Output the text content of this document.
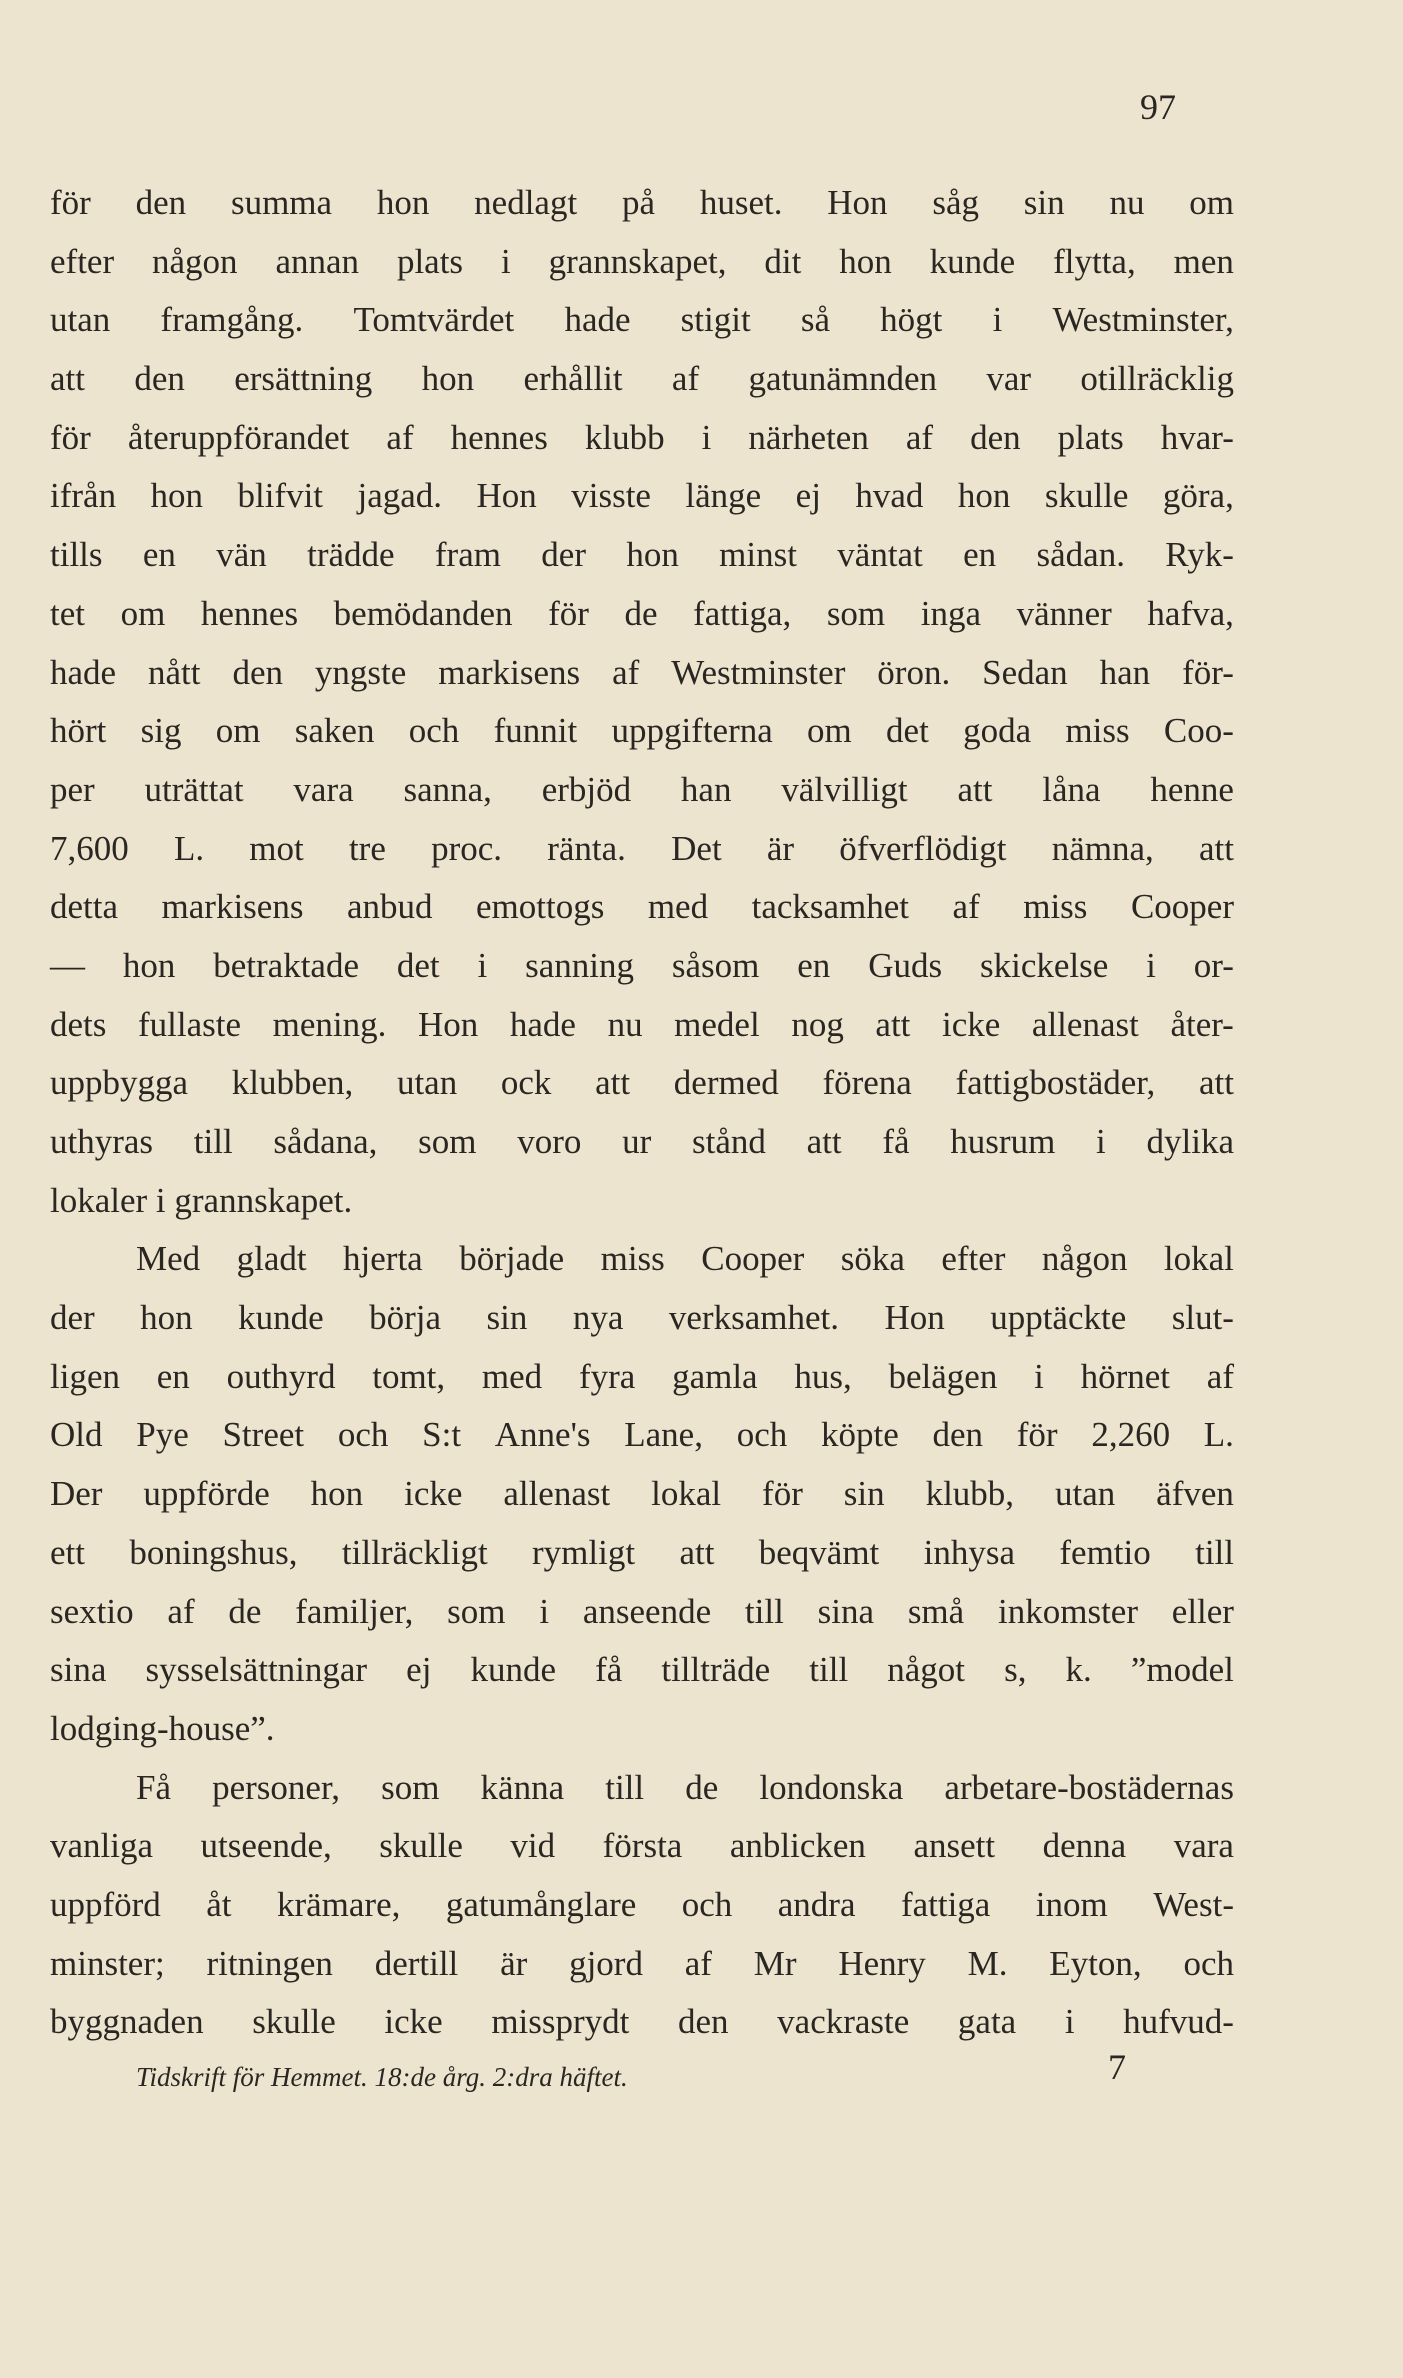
97
för den summa hon nedlagt på huset. Hon såg sin nu om
efter någon annan plats i grannskapet, dit hon kunde flytta, men
utan framgång. Tomtvärdet hade stigit så högt i Westminster,
att den ersättning hon erhållit af gatunämnden var otillräcklig
för återuppförandet af hennes klubb i närheten af den plats hvar-
ifrån hon blifvit jagad. Hon visste länge ej hvad hon skulle göra,
tills en vän trädde fram der hon minst väntat en sådan. Ryk-
tet om hennes bemödanden för de fattiga, som inga vänner hafva,
hade nått den yngste markisens af Westminster öron. Sedan han för-
hört sig om saken och funnit uppgifterna om det goda miss Coo-
per uträttat vara sanna, erbjöd han välvilligt att låna henne
7,600 L. mot tre proc. ränta. Det är öfverflödigt nämna, att
detta markisens anbud emottogs med tacksamhet af miss Cooper
— hon betraktade det i sanning såsom en Guds skickelse i or-
dets fullaste mening. Hon hade nu medel nog att icke allenast åter-
uppbygga klubben, utan ock att dermed förena fattigbostäder, att
uthyras till sådana, som voro ur stånd att få husrum i dylika
lokaler i grannskapet.
Med gladt hjerta började miss Cooper söka efter någon lokal
der hon kunde börja sin nya verksamhet. Hon upptäckte slut-
ligen en outhyrd tomt, med fyra gamla hus, belägen i hörnet af
Old Pye Street och S:t Anne's Lane, och köpte den för 2,260 L.
Der uppförde hon icke allenast lokal för sin klubb, utan äfven
ett boningshus, tillräckligt rymligt att beqvämt inhysa femtio till
sextio af de familjer, som i anseende till sina små inkomster eller
sina sysselsättningar ej kunde få tillträde till något s, k. ”model
lodging-house”.
Få personer, som känna till de londonska arbetare-bostädernas
vanliga utseende, skulle vid första anblicken ansett denna vara
uppförd åt krämare, gatumånglare och andra fattiga inom West-
minster; ritningen dertill är gjord af Mr Henry M. Eyton, och
byggnaden skulle icke missprydt den vackraste gata i hufvud-
Tidskrift för Hemmet. 18:de årg. 2:dra häftet.	7
